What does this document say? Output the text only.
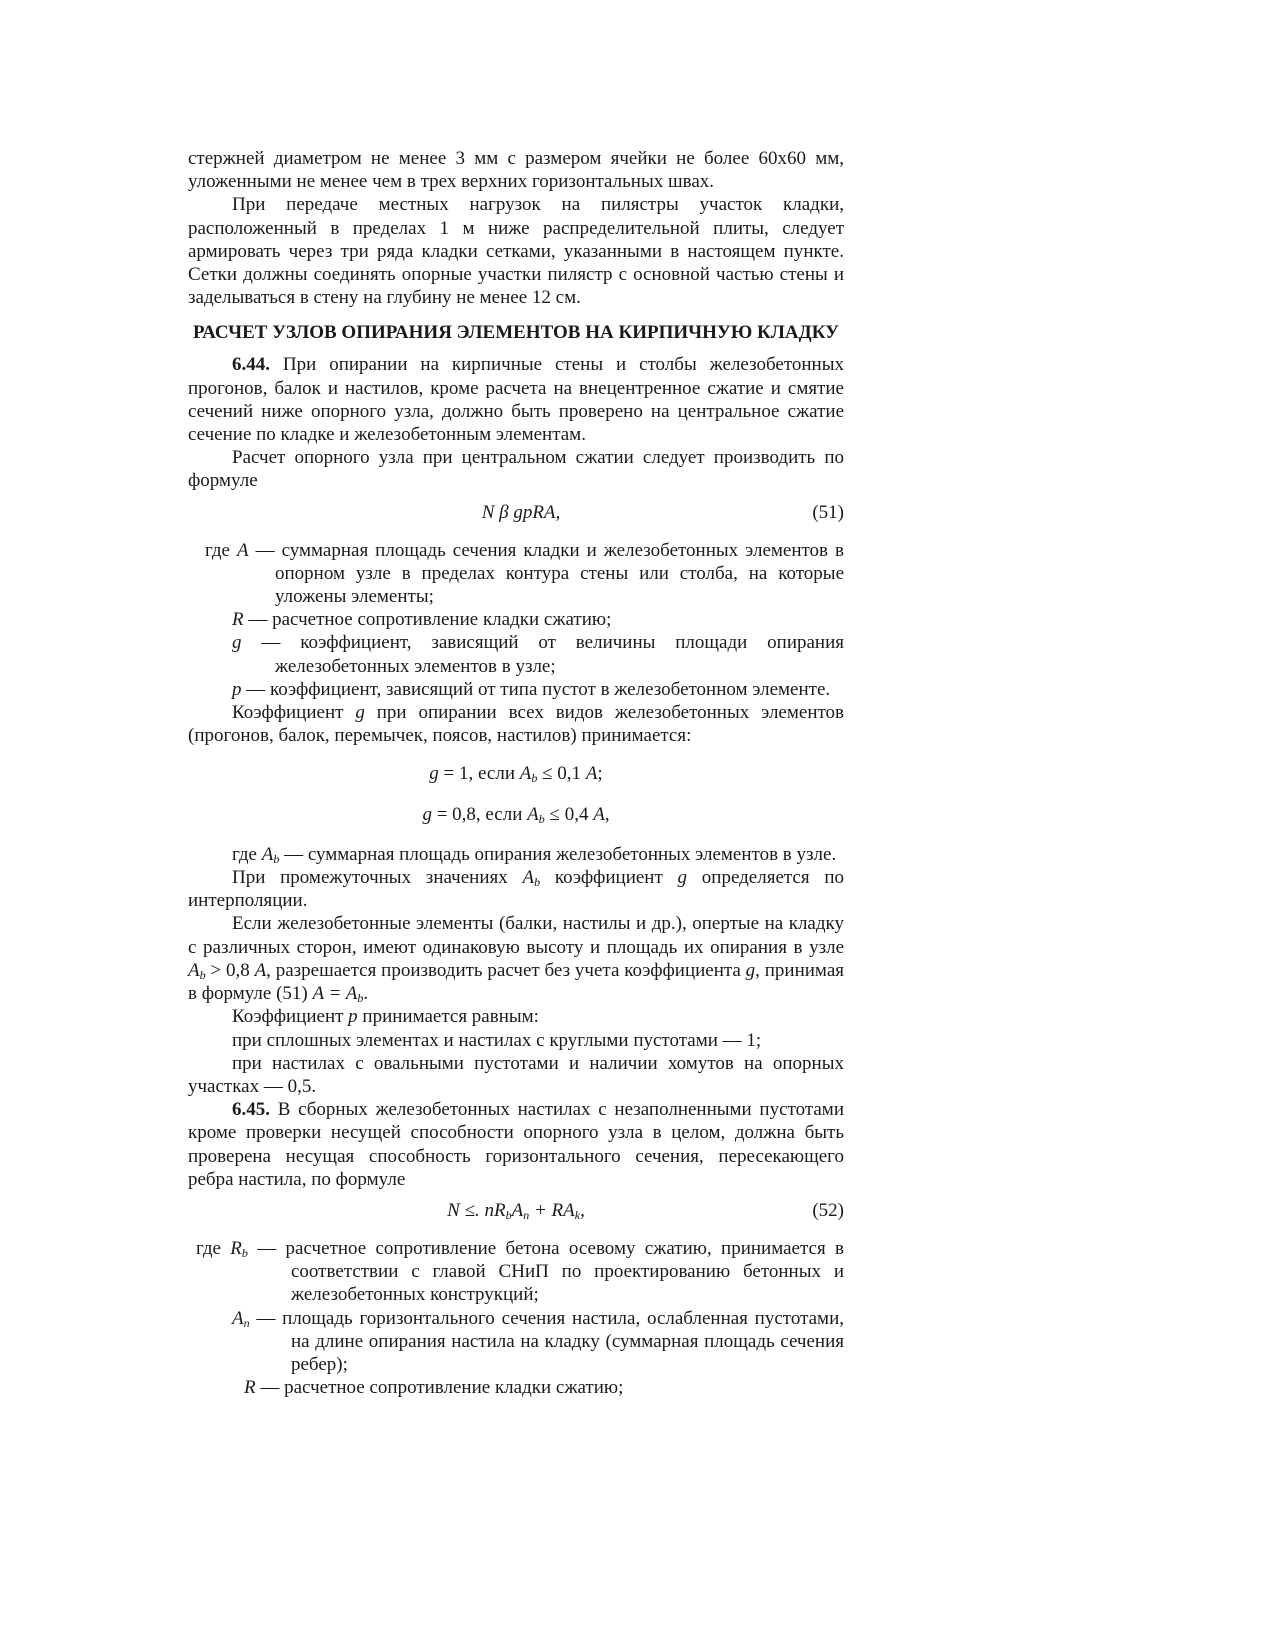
стержней диаметром не менее 3 мм с размером ячейки не более 60x60 мм, уложенными не менее чем в трех верхних горизонтальных швах.

При передаче местных нагрузок на пилястры участок кладки, расположенный в пределах 1 м ниже распределительной плиты, следует армировать через три ряда кладки сетками, указанными в настоящем пункте. Сетки должны соединять опорные участки пилястр с основной частью стены и заделываться в стену на глубину не менее 12 см.

РАСЧЕТ УЗЛОВ ОПИРАНИЯ ЭЛЕМЕНТОВ НА КИРПИЧНУЮ КЛАДКУ

6.44. При опирании на кирпичные стены и столбы железобетонных прогонов, балок и настилов, кроме расчета на внецентренное сжатие и смятие сечений ниже опорного узла, должно быть проверено на центральное сжатие сечение по кладке и железобетонным элементам.

Расчет опорного узла при центральном сжатии следует производить по формуле

N β gpRA,	(51)

где A — суммарная площадь сечения кладки и железобетонных элементов в опорном узле в пределах контура стены или столба, на которые уложены элементы;

R — расчетное сопротивление кладки сжатию;

g — коэффициент, зависящий от величины площади опирания железобетонных элементов в узле;

p — коэффициент, зависящий от типа пустот в железобетонном элементе.

Коэффициент g при опирании всех видов железобетонных элементов (прогонов, балок, перемычек, поясов, настилов) принимается:

g = 1, если $A_b \le 0,1$ A;
g = 0,8, если $A_b \le 0,4$ A,

где $A_b$ — суммарная площадь опирания железобетонных элементов в узле.

При промежуточных значениях $A_b$ коэффициент g определяется по интерполяции.

Если железобетонные элементы (балки, настилы и др.), опертые на кладку с различных сторон, имеют одинаковую высоту и площадь их опирания в узле $A_b > 0,8$ A, разрешается производить расчет без учета коэффициента g, принимая в формуле (51) $A = A_b$.

Коэффициент p принимается равным:

при сплошных элементах и настилах с круглыми пустотами — 1;

при настилах с овальными пустотами и наличии хомутов на опорных участках — 0,5.

6.45. В сборных железобетонных настилах с незаполненными пустотами кроме проверки несущей способности опорного узла в целом, должна быть проверена несущая способность горизонтального сечения, пересекающего ребра настила, по формуле

N ≤. $nR_bA_n + RA_k$,	(52)

где $R_b$ — расчетное сопротивление бетона осевому сжатию, принимается в соответствии с главой СНиП по проектированию бетонных и железобетонных конструкций;

$A_n$ — площадь горизонтального сечения настила, ослабленная пустотами, на длине опирания настила на кладку (суммарная площадь сечения ребер);

R — расчетное сопротивление кладки сжатию;
